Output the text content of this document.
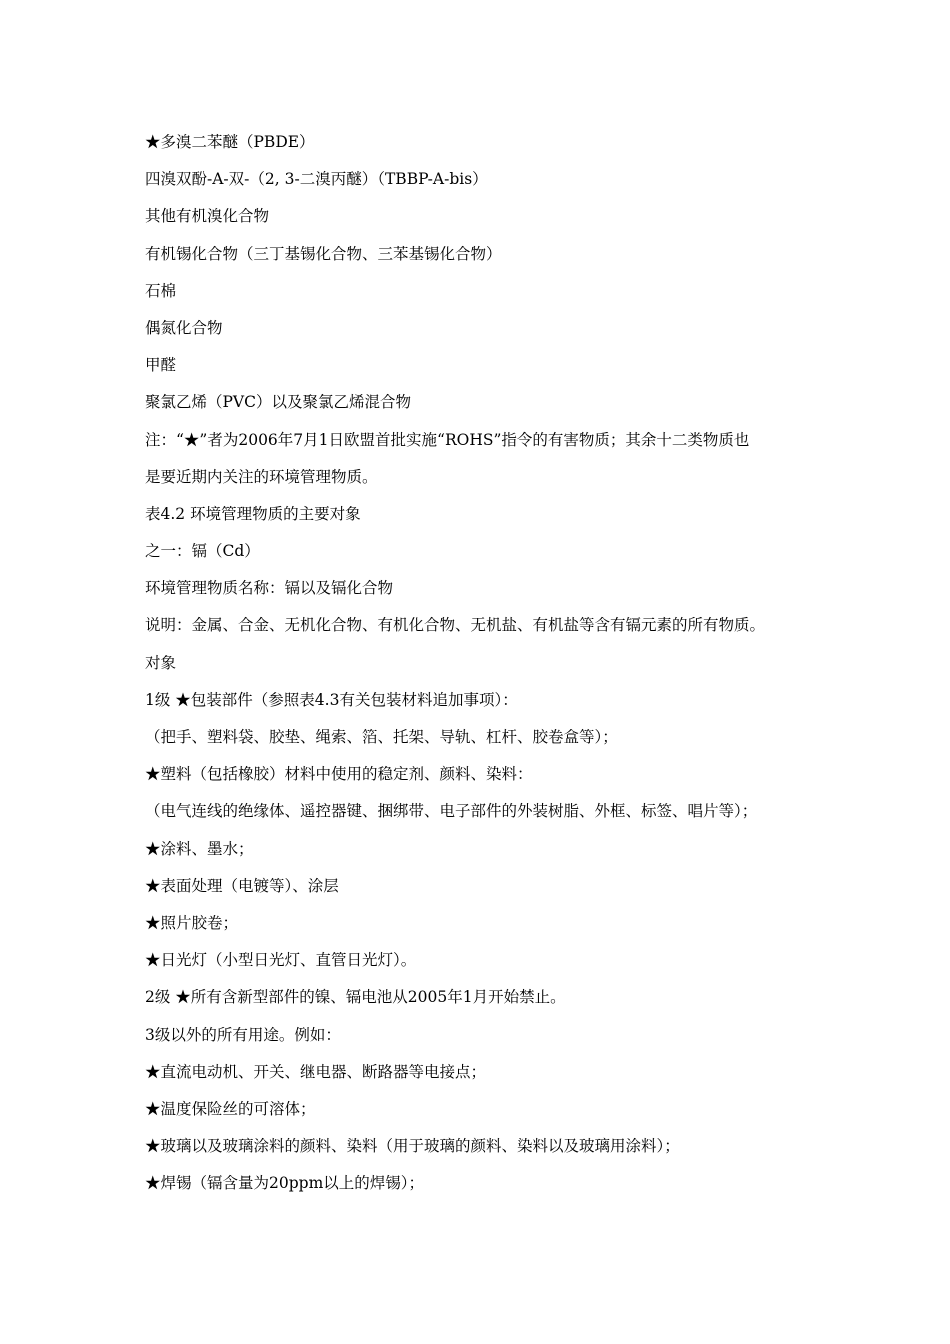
★多溴二苯醚（PBDE）
四溴双酚-A-双-（2, 3-二溴丙醚）（TBBP-A-bis）
其他有机溴化合物
有机锡化合物（三丁基锡化合物、三苯基锡化合物）
石棉
偶氮化合物
甲醛
聚氯乙烯（PVC）以及聚氯乙烯混合物
注：“★”者为2006年7月1日欧盟首批实施“ROHS”指令的有害物质；其余十二类物质也
是要近期内关注的环境管理物质。
表4.2 环境管理物质的主要对象
之一：镉（Cd）
环境管理物质名称：镉以及镉化合物
说明：金属、合金、无机化合物、有机化合物、无机盐、有机盐等含有镉元素的所有物质。
对象
1级 ★包装部件（参照表4.3有关包装材料追加事项）：
（把手、塑料袋、胶垫、绳索、箔、托架、导轨、杠杆、胶卷盒等）；
★塑料（包括橡胶）材料中使用的稳定剂、颜料、染料：
（电气连线的绝缘体、遥控器键、捆绑带、电子部件的外装树脂、外框、标签、唱片等）；
★涂料、墨水；
★表面处理（电镀等）、涂层
★照片胶卷；
★日光灯（小型日光灯、直管日光灯）。
2级 ★所有含新型部件的镍、镉电池从2005年1月开始禁止。
3级以外的所有用途。例如：
★直流电动机、开关、继电器、断路器等电接点；
★温度保险丝的可溶体；
★玻璃以及玻璃涂料的颜料、染料（用于玻璃的颜料、染料以及玻璃用涂料）；
★焊锡（镉含量为20ppm以上的焊锡）；
